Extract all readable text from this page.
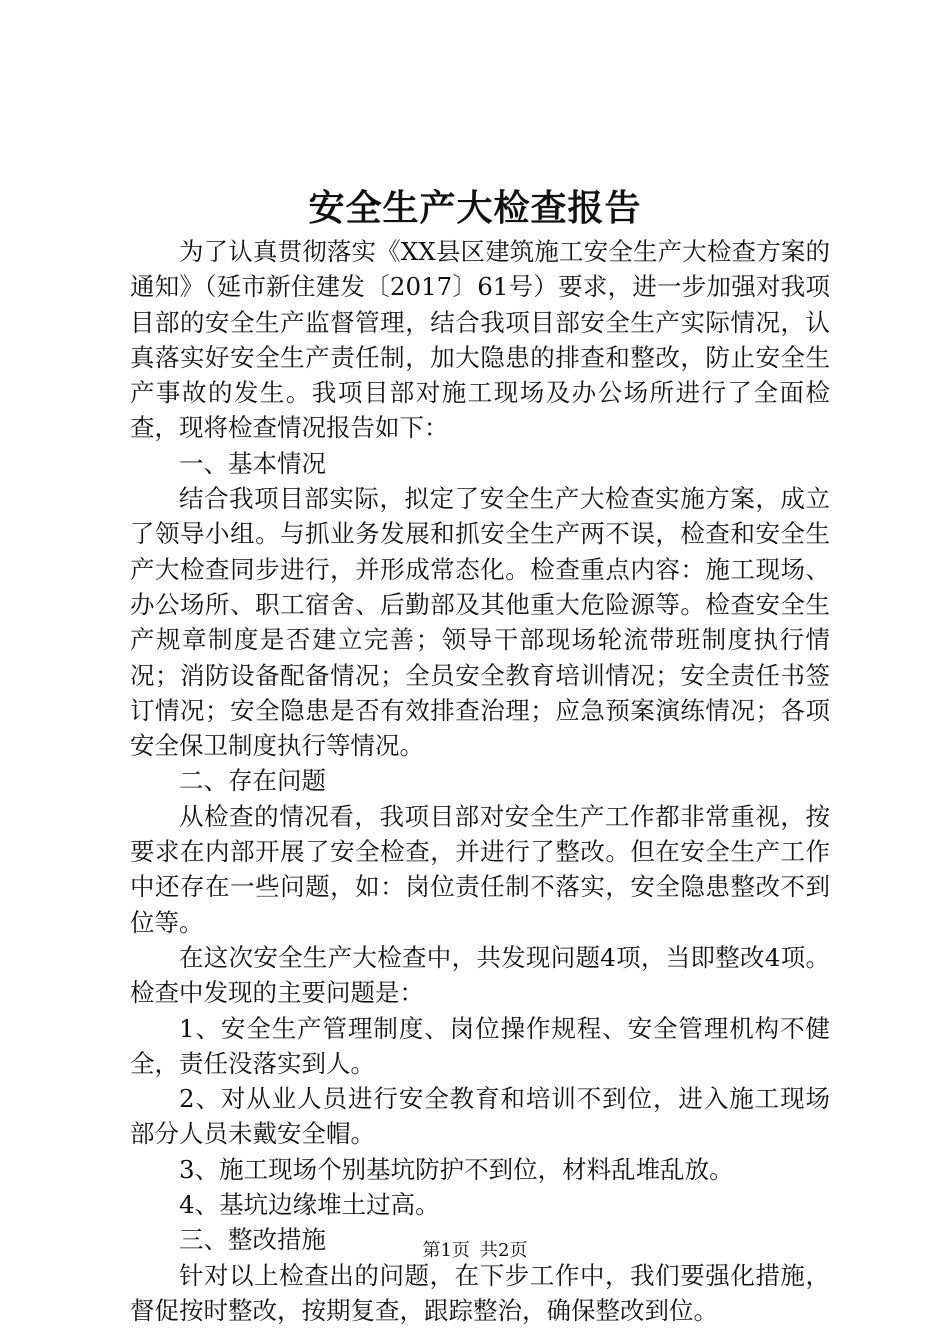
安全生产大检查报告

为了认真贯彻落实《XX县区建筑施工安全生产大检查方案的通知》（延市新住建发〔2017〕61号）要求，进一步加强对我项目部的安全生产监督管理，结合我项目部安全生产实际情况，认真落实好安全生产责任制，加大隐患的排查和整改，防止安全生产事故的发生。我项目部对施工现场及办公场所进行了全面检查，现将检查情况报告如下：

一、基本情况

结合我项目部实际，拟定了安全生产大检查实施方案，成立了领导小组。与抓业务发展和抓安全生产两不误，检查和安全生产大检查同步进行，并形成常态化。检查重点内容：施工现场、办公场所、职工宿舍、后勤部及其他重大危险源等。检查安全生产规章制度是否建立完善；领导干部现场轮流带班制度执行情况；消防设备配备情况；全员安全教育培训情况；安全责任书签订情况；安全隐患是否有效排查治理；应急预案演练情况；各项安全保卫制度执行等情况。

二、存在问题

从检查的情况看，我项目部对安全生产工作都非常重视，按要求在内部开展了安全检查，并进行了整改。但在安全生产工作中还存在一些问题，如：岗位责任制不落实，安全隐患整改不到位等。

在这次安全生产大检查中，共发现问题4项，当即整改4项。检查中发现的主要问题是：

1、安全生产管理制度、岗位操作规程、安全管理机构不健全，责任没落实到人。

2、对从业人员进行安全教育和培训不到位，进入施工现场部分人员未戴安全帽。

3、施工现场个别基坑防护不到位，材料乱堆乱放。

4、基坑边缘堆土过高。

三、整改措施

针对以上检查出的问题，在下步工作中，我们要强化措施，督促按时整改，按期复查，跟踪整治，确保整改到位。

第1页 共2页
